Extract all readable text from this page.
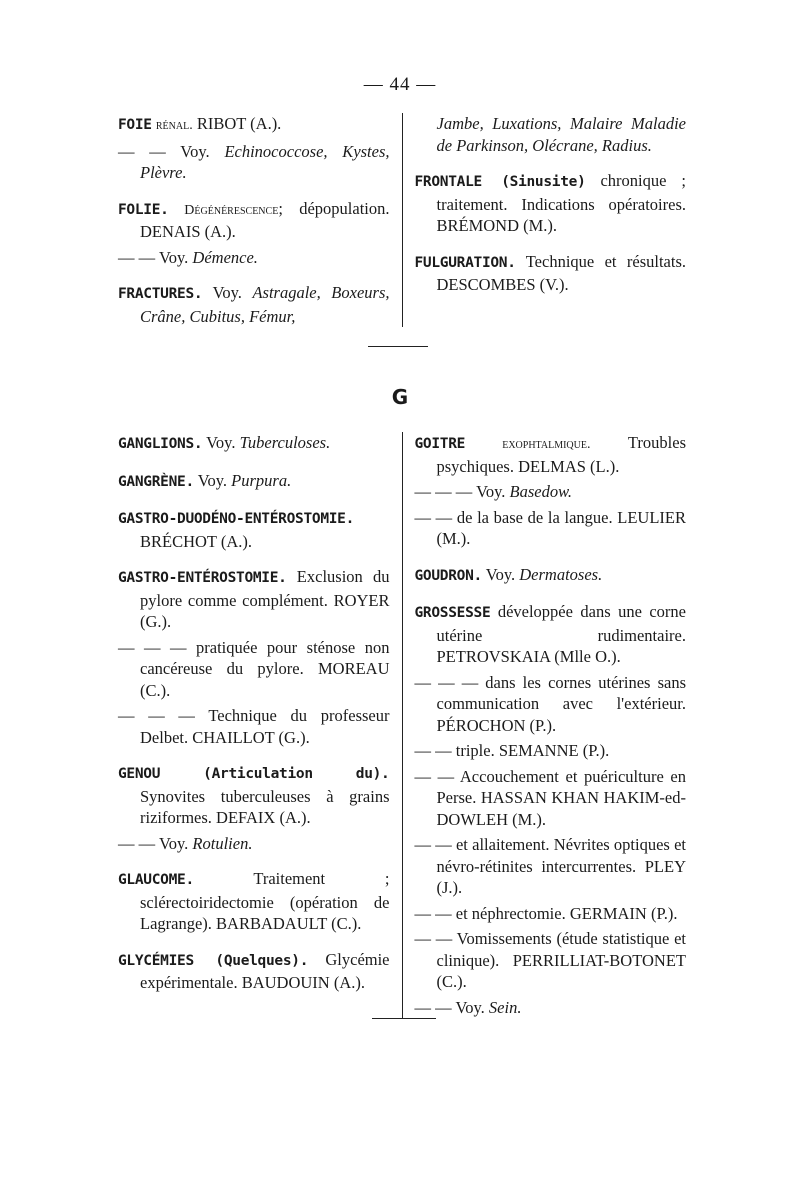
— 44 —

FOIE rénal. RIBOT (A.).

— — Voy. Echinococcose, Kystes, Plèvre.

FOLIE. Dégénérescence; dépopulation. DENAIS (A.).

— — Voy. Démence.

FRACTURES. Voy. Astragale, Boxeurs, Crâne, Cubitus, Fémur,

Jambe, Luxations, Malaire Maladie de Parkinson, Olécrane, Radius.

FRONTALE (Sinusite) chronique ; traitement. Indications opératoires. BRÉMOND (M.).

FULGURATION. Technique et résultats. DESCOMBES (V.).

G

GANGLIONS. Voy. Tuberculoses.

GANGRÈNE. Voy. Purpura.

GASTRO-DUODÉNO-ENTÉROSTOMIE. BRÉCHOT (A.).

GASTRO-ENTÉROSTOMIE. Exclusion du pylore comme complément. ROYER (G.).

— — — pratiquée pour sténose non cancéreuse du pylore. MOREAU (C.).

— — — Technique du professeur Delbet. CHAILLOT (G.).

GENOU (Articulation du). Synovites tuberculeuses à grains riziformes. DEFAIX (A.).

— — Voy. Rotulien.

GLAUCOME. Traitement ; sclérectoiridectomie (opération de Lagrange). BARBADAULT (C.).

GLYCÉMIES (Quelques). Glycémie expérimentale. BAUDOUIN (A.).

GOITRE exophtalmique. Troubles psychiques. DELMAS (L.).

— — — Voy. Basedow.

— — de la base de la langue. LEULIER (M.).

GOUDRON. Voy. Dermatoses.

GROSSESSE développée dans une corne utérine rudimentaire. PETROVSKAIA (Mlle O.).

— — — dans les cornes utérines sans communication avec l'extérieur. PÉROCHON (P.).

— — triple. SEMANNE (P.).

— — Accouchement et puériculture en Perse. HASSAN KHAN HAKIM-ed-DOWLEH (M.).

— — et allaitement. Névrites optiques et névro-rétinites intercurrentes. PLEY (J.).

— — et néphrectomie. GERMAIN (P.).

— — Vomissements (étude statistique et clinique). PERRILLIAT-BOTONET (C.).

— — Voy. Sein.
